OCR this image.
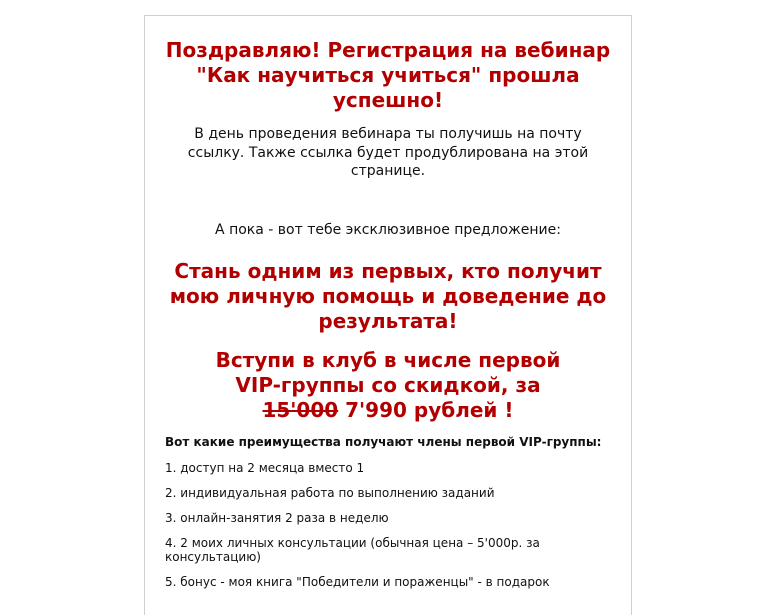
Поздравляю! Регистрация на вебинар "Как научиться учиться" прошла успешно!

В день проведения вебинара ты получишь на почту ссылку. Также ссылка будет продублирована на этой странице.

А пока - вот тебе эксклюзивное предложение:

Стань одним из первых, кто получит мою личную помощь и доведение до результата!

Вступи в клуб в числе первой
VIP-группы со скидкой, за
15'000 7'990 рублей !

Вот какие преимущества получают члены первой VIP-группы:

1. доступ на 2 месяца вместо 1

2. индивидуальная работа по выполнению заданий

3. онлайн-занятия 2 раза в неделю

4. 2 моих личных консультации (обычная цена – 5'000р. за консультацию)

5. бонус - моя книга "Победители и пораженцы" - в подарок
